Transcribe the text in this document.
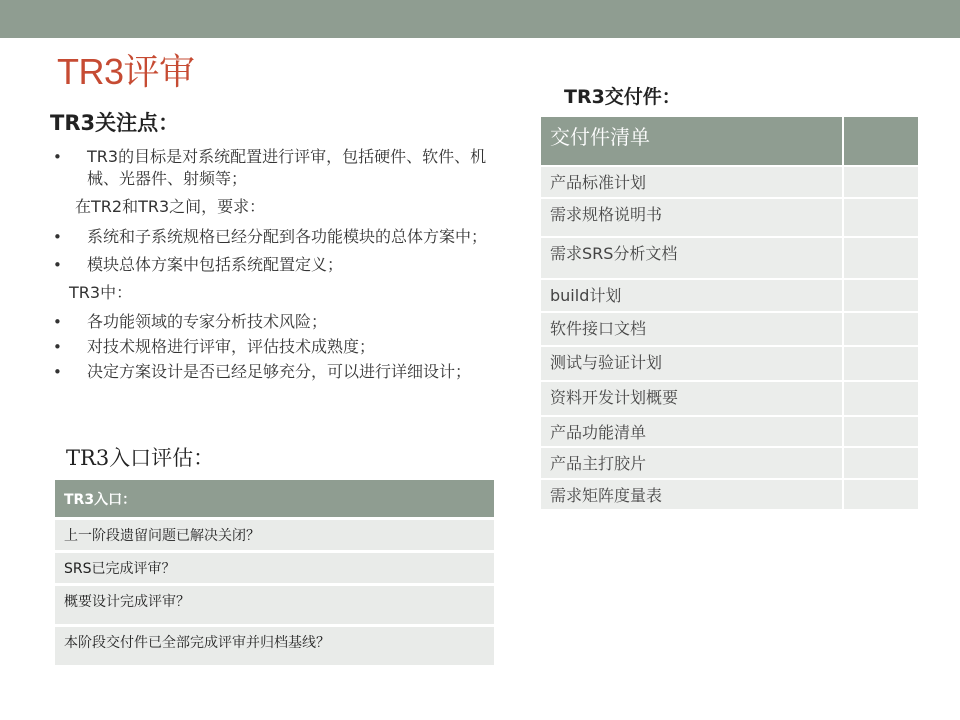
TR3评审
TR3关注点：
• TR3的目标是对系统配置进行评审，包括硬件、软件、机械、光器件、射频等；
在TR2和TR3之间，要求：
• 系统和子系统规格已经分配到各功能模块的总体方案中；
• 模块总体方案中包括系统配置定义；
TR3中：
• 各功能领域的专家分析技术风险；
• 对技术规格进行评审，评估技术成熟度；
• 决定方案设计是否已经足够充分，可以进行详细设计；
TR3入口评估：
TR3入口：
上一阶段遗留问题已解决关闭？
SRS已完成评审？
概要设计完成评审？
本阶段交付件已全部完成评审并归档基线？
TR3交付件：
交付件清单	
产品标准计划	
需求规格说明书	
需求SRS分析文档	
build计划	
软件接口文档	
测试与验证计划	
资料开发计划概要	
产品功能清单	
产品主打胶片	
需求矩阵度量表	
